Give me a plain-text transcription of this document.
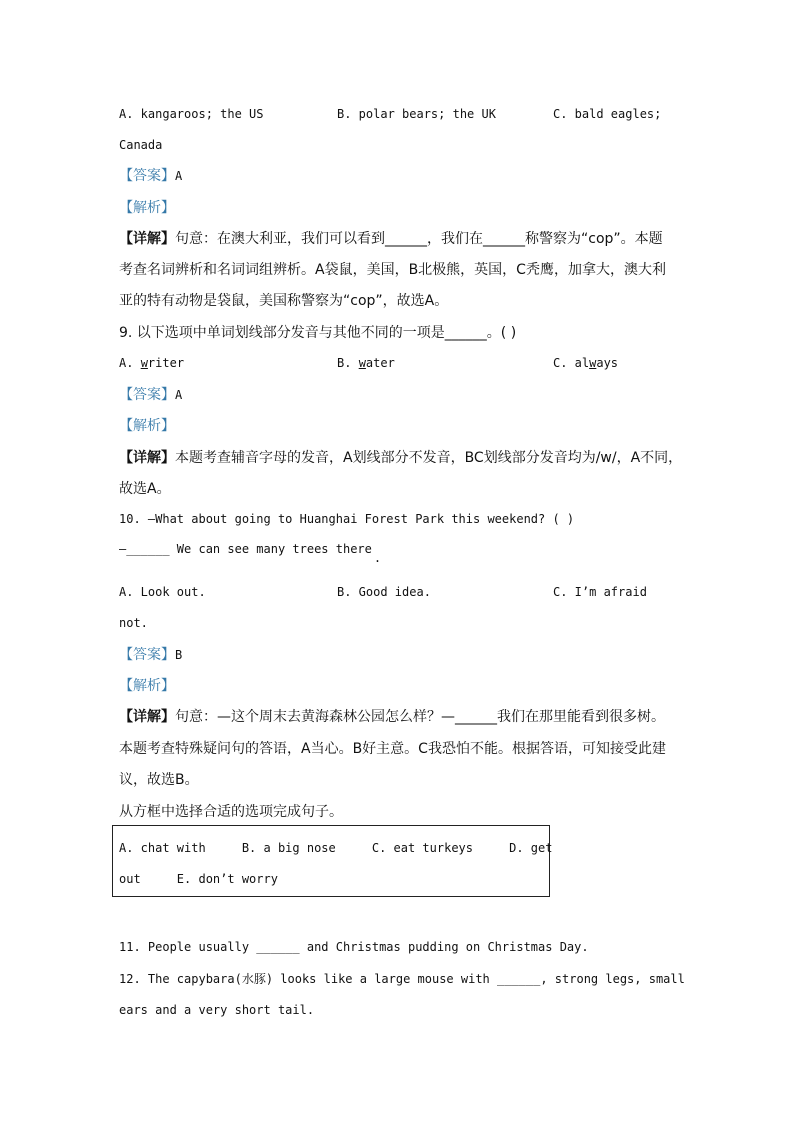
A. kangaroos; the US	B. polar bears; the UK	C. bald eagles;
Canada
【答案】A
【解析】
【详解】句意：在澳大利亚，我们可以看到______，我们在______称警察为“cop”。本题
考查名词辨析和名词词组辨析。A袋鼠，美国，B北极熊，英国，C秃鹰，加拿大，澳大利
亚的特有动物是袋鼠，美国称警察为“cop”，故选A。
9. 以下选项中单词划线部分发音与其他不同的一项是______。( )
A. writer	B. water	C. always
【答案】A
【解析】
【详解】本题考查辅音字母的发音，A划线部分不发音，BC划线部分发音均为/w/，A不同，
故选A。
10. —What about going to Huanghai Forest Park this weekend? ( )
—______ We can see many trees there.
A. Look out.	B. Good idea.	C. I’m afraid
not.
【答案】B
【解析】
【详解】句意：—这个周末去黄海森林公园怎么样？—______我们在那里能看到很多树。
本题考查特殊疑问句的答语，A当心。B好主意。C我恐怕不能。根据答语，可知接受此建
议，故选B。
从方框中选择合适的选项完成句子。
A. chat with     B. a big nose     C. eat turkeys     D. get
out     E. don’t worry
11. People usually ______ and Christmas pudding on Christmas Day.
12. The capybara(水豚) looks like a large mouse with ______, strong legs, small
ears and a very short tail.
